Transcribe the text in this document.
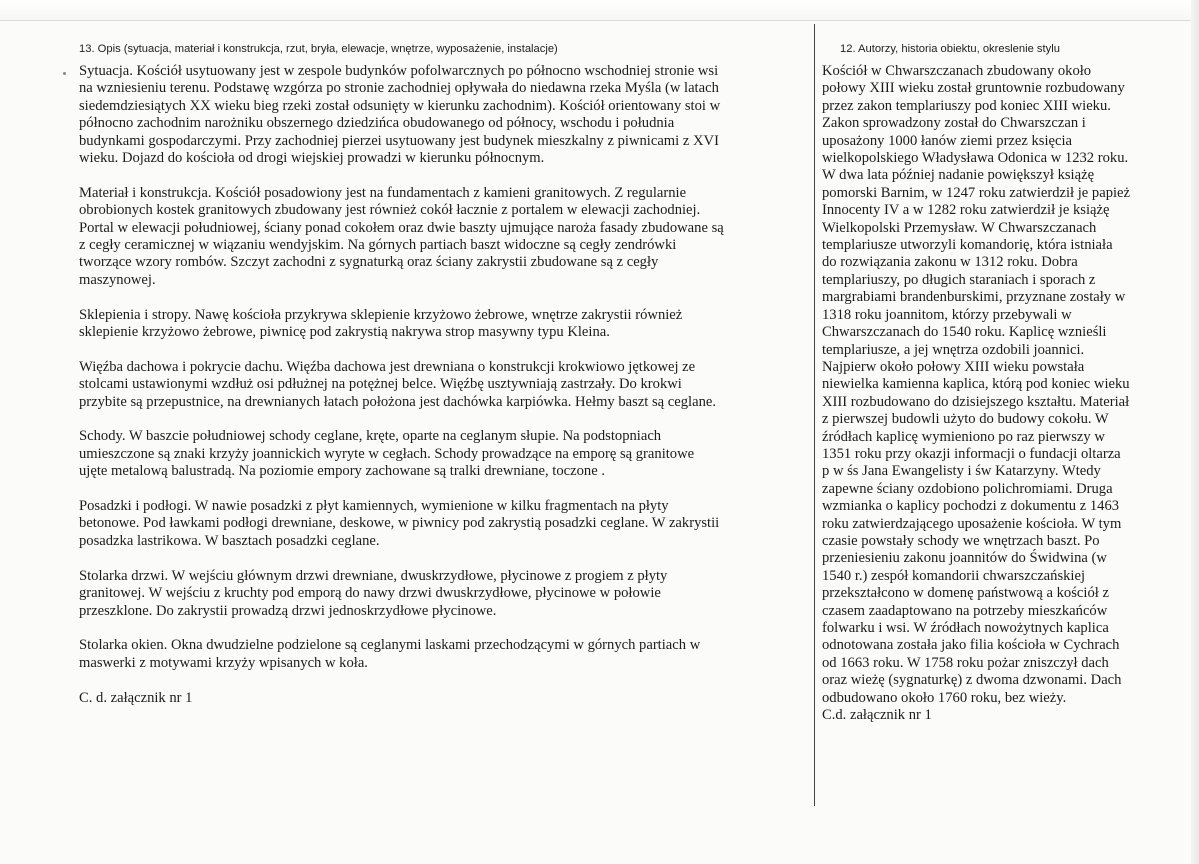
13. Opis (sytuacja, materiał i konstrukcja, rzut, bryła, elewacje, wnętrze, wyposażenie, instalacje)	12. Autorzy, historia obiektu, okreslenie stylu
Sytuacja. Kościół usytuowany jest w zespole budynków pofolwarcznych po północno wschodniej stronie wsi
na wzniesieniu terenu. Podstawę wzgórza po stronie zachodniej opływała do niedawna rzeka Myśla (w latach
siedemdziesiątych XX wieku bieg rzeki został odsunięty w kierunku zachodnim). Kościół orientowany stoi w
północno zachodnim narożniku obszernego dziedzińca obudowanego od północy, wschodu i południa
budynkami gospodarczymi. Przy zachodniej pierzei usytuowany jest budynek mieszkalny z piwnicami z XVI
wieku. Dojazd do kościoła od drogi wiejskiej prowadzi w kierunku północnym.
Materiał i konstrukcja. Kościół posadowiony jest na fundamentach z kamieni granitowych. Z regularnie
obrobionych kostek granitowych zbudowany jest również cokół łacznie z portalem w elewacji zachodniej.
Portal w elewacji południowej, ściany ponad cokołem oraz dwie baszty ujmujące naroża fasady zbudowane są
z cegły ceramicznej w wiązaniu wendyjskim. Na górnych partiach baszt widoczne są cegły zendrówki
tworzące wzory rombów. Szczyt zachodni z sygnaturką oraz ściany zakrystii zbudowane są z cegły
maszynowej.
Sklepienia i stropy. Nawę kościoła przykrywa sklepienie krzyżowo żebrowe, wnętrze zakrystii również
sklepienie krzyżowo żebrowe, piwnicę pod zakrystią nakrywa strop masywny typu Kleina.
Więźba dachowa i pokrycie dachu. Więźba dachowa jest drewniana o konstrukcji krokwiowo jętkowej ze
stolcami ustawionymi wzdłuż osi pdłużnej na potężnej belce. Więźbę usztywniają zastrzały. Do krokwi
przybite są przepustnice, na drewnianych łatach położona jest dachówka karpiówka. Hełmy baszt są ceglane.
Schody. W baszcie południowej schody ceglane, kręte, oparte na ceglanym słupie. Na podstopniach
umieszczone są znaki krzyży joannickich wyryte w cegłach. Schody prowadzące na emporę są granitowe
ujęte metalową balustradą. Na poziomie empory zachowane są tralki drewniane, toczone .
Posadzki i podłogi. W nawie posadzki z płyt kamiennych, wymienione w kilku fragmentach na płyty
betonowe. Pod ławkami podłogi drewniane, deskowe, w piwnicy pod zakrystią posadzki ceglane. W zakrystii
posadzka lastrikowa. W basztach posadzki ceglane.
Stolarka drzwi. W wejściu głównym drzwi drewniane, dwuskrzydłowe, płycinowe z progiem z płyty
granitowej. W wejściu z kruchty pod emporą do nawy drzwi dwuskrzydłowe, płycinowe w połowie
przeszklone. Do zakrystii prowadzą drzwi jednoskrzydłowe płycinowe.
Stolarka okien. Okna dwudzielne podzielone są ceglanymi laskami przechodzącymi w górnych partiach w
maswerki z motywami krzyży wpisanych w koła.
C. d. załącznik nr 1
Kościół w Chwarszczanach zbudowany około
połowy XIII wieku został gruntownie rozbudowany
przez zakon templariuszy pod koniec XIII wieku.
Zakon sprowadzony został do Chwarszczan i
uposażony 1000 łanów ziemi przez księcia
wielkopolskiego Władysława Odonica w 1232 roku.
W dwa lata później nadanie powiększył książę
pomorski Barnim, w 1247 roku zatwierdził je papież
Innocenty IV a w 1282 roku zatwierdził je książę
Wielkopolski Przemysław. W Chwarszczanach
templariusze utworzyli komandorię, która istniała
do rozwiązania zakonu w 1312 roku. Dobra
templariuszy, po długich staraniach i sporach z
margrabiami brandenburskimi, przyznane zostały w
1318 roku joannitom, którzy przebywali w
Chwarszczanach do 1540 roku. Kaplicę wznieśli
templariusze, a jej wnętrza ozdobili joannici.
Najpierw około połowy XIII wieku powstała
niewielka kamienna kaplica, którą pod koniec wieku
XIII rozbudowano do dzisiejszego kształtu. Materiał
z pierwszej budowli użyto do budowy cokołu. W
źródłach kaplicę wymieniono po raz pierwszy w
1351 roku przy okazji informacji o fundacji oltarza
p w śs Jana Ewangelisty i św Katarzyny. Wtedy
zapewne ściany ozdobiono polichromiami. Druga
wzmianka o kaplicy pochodzi z dokumentu z 1463
roku zatwierdzającego uposażenie kościoła. W tym
czasie powstały schody we wnętrzach baszt. Po
przeniesieniu zakonu joannitów do Świdwina (w
1540 r.) zespół komandorii chwarszczańskiej
przekształcono w domenę państwową a kościół z
czasem zaadaptowano na potrzeby mieszkańców
folwarku i wsi. W źródłach nowożytnych kaplica
odnotowana została jako filia kościoła w Cychrach
od 1663 roku. W 1758 roku pożar zniszczył dach
oraz wieżę (sygnaturkę) z dwoma dzwonami. Dach
odbudowano około 1760 roku, bez wieży.
C.d. załącznik nr 1
